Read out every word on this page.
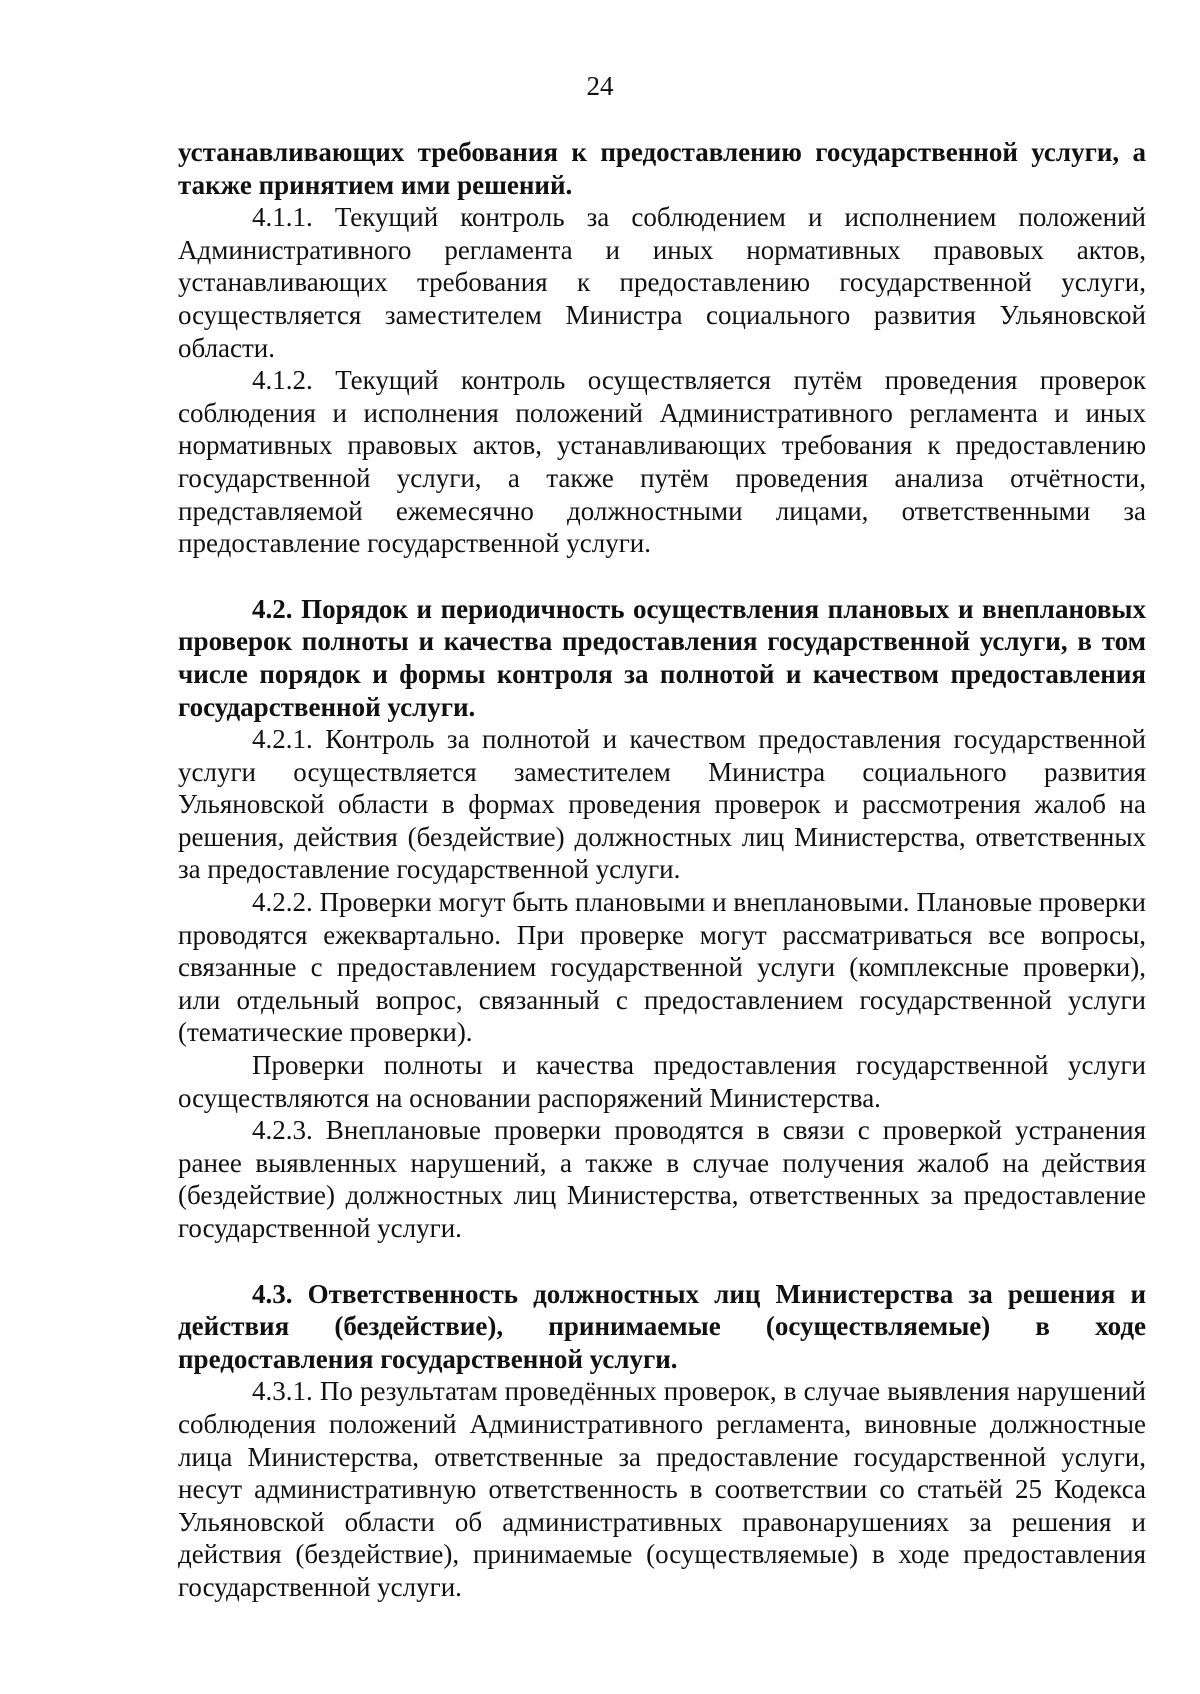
24

устанавливающих требования к предоставлению государственной услуги, а также принятием ими решений.

4.1.1. Текущий контроль за соблюдением и исполнением положений Административного регламента и иных нормативных правовых актов, устанавливающих требования к предоставлению государственной услуги, осуществляется заместителем Министра социального развития Ульяновской области.

4.1.2. Текущий контроль осуществляется путём проведения проверок соблюдения и исполнения положений Административного регламента и иных нормативных правовых актов, устанавливающих требования к предоставлению государственной услуги, а также путём проведения анализа отчётности, представляемой ежемесячно должностными лицами, ответственными за предоставление государственной услуги.

4.2. Порядок и периодичность осуществления плановых и внеплановых проверок полноты и качества предоставления государственной услуги, в том числе порядок и формы контроля за полнотой и качеством предоставления государственной услуги.

4.2.1. Контроль за полнотой и качеством предоставления государственной услуги осуществляется заместителем Министра социального развития Ульяновской области в формах проведения проверок и рассмотрения жалоб на решения, действия (бездействие) должностных лиц Министерства, ответственных за предоставление государственной услуги.

4.2.2. Проверки могут быть плановыми и внеплановыми. Плановые проверки проводятся ежеквартально. При проверке могут рассматриваться все вопросы, связанные с предоставлением государственной услуги (комплексные проверки), или отдельный вопрос, связанный с предоставлением государственной услуги (тематические проверки).

Проверки полноты и качества предоставления государственной услуги осуществляются на основании распоряжений Министерства.

4.2.3. Внеплановые проверки проводятся в связи с проверкой устранения ранее выявленных нарушений, а также в случае получения жалоб на действия (бездействие) должностных лиц Министерства, ответственных за предоставление государственной услуги.

4.3. Ответственность должностных лиц Министерства за решения и действия (бездействие), принимаемые (осуществляемые) в ходе предоставления государственной услуги.

4.3.1. По результатам проведённых проверок, в случае выявления нарушений соблюдения положений Административного регламента, виновные должностные лица Министерства, ответственные за предоставление государственной услуги, несут административную ответственность в соответствии со статьёй 25 Кодекса Ульяновской области об административных правонарушениях за решения и действия (бездействие), принимаемые (осуществляемые) в ходе предоставления государственной услуги.
